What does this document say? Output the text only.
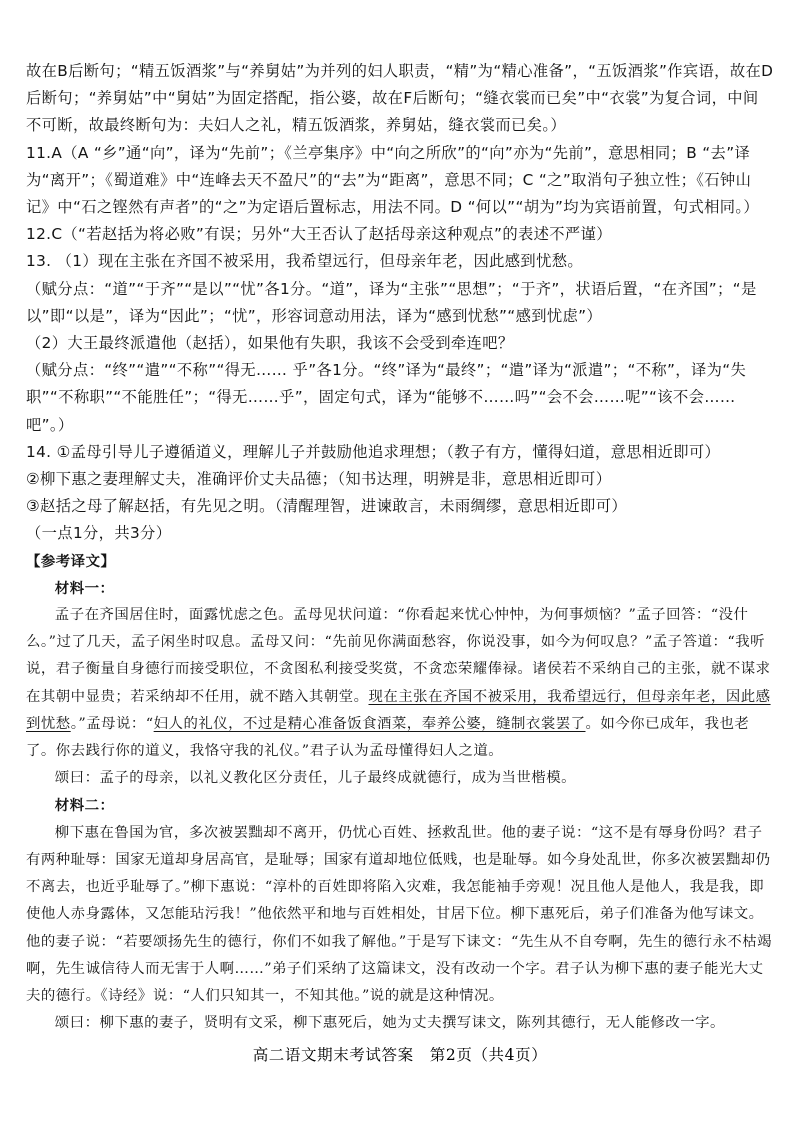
故在B后断句；“精五饭酒浆”与“养舅姑”为并列的妇人职责，“精”为“精心准备”，“五饭酒浆”作宾语，故在D后断句；“养舅姑”中“舅姑”为固定搭配，指公婆，故在F后断句；“缝衣裳而已矣”中“衣裳”为复合词，中间不可断，故最终断句为：夫妇人之礼，精五饭酒浆，养舅姑，缝衣裳而已矣。）

11.A（A “乡”通“向”，译为“先前”；《兰亭集序》中“向之所欣”的“向”亦为“先前”，意思相同；B “去”译为“离开”；《蜀道难》中“连峰去天不盈尺”的“去”为“距离”，意思不同；C “之”取消句子独立性；《石钟山记》中“石之铿然有声者”的“之”为定语后置标志，用法不同。D “何以”“胡为”均为宾语前置，句式相同。）

12.C（“若赵括为将必败”有误；另外“大王否认了赵括母亲这种观点”的表述不严谨）

13. （1）现在主张在齐国不被采用，我希望远行，但母亲年老，因此感到忧愁。

（赋分点：“道”“于齐”“是以”“忧”各1分。“道”，译为“主张”“思想”；“于齐”，状语后置，“在齐国”；“是以”即“以是”，译为“因此”；“忧”，形容词意动用法，译为“感到忧愁”“感到忧虑”）

（2）大王最终派遣他（赵括），如果他有失职，我该不会受到牵连吧？

（赋分点：“终”“遣”“不称”“得无…… 乎”各1分。“终”译为“最终”；“遣”译为“派遣”；“不称”，译为“失职”“不称职”“不能胜任”；“得无……乎”，固定句式，译为“能够不……吗”“会不会……呢”“该不会……吧”。）

14. ①孟母引导儿子遵循道义，理解儿子并鼓励他追求理想；（教子有方，懂得妇道，意思相近即可）

②柳下惠之妻理解丈夫，准确评价丈夫品德；（知书达理，明辨是非，意思相近即可）

③赵括之母了解赵括，有先见之明。（清醒理智，进谏敢言，未雨绸缪，意思相近即可）

（一点1分，共3分）

【参考译文】

材料一：

孟子在齐国居住时，面露忧虑之色。孟母见状问道：“你看起来忧心忡忡，为何事烦恼？”孟子回答：“没什么。”过了几天，孟子闲坐时叹息。孟母又问：“先前见你满面愁容，你说没事，如今为何叹息？”孟子答道：“我听说，君子衡量自身德行而接受职位，不贪图私利接受奖赏，不贪恋荣耀俸禄。诸侯若不采纳自己的主张，就不谋求在其朝中显贵；若采纳却不任用，就不踏入其朝堂。现在主张在齐国不被采用，我希望远行，但母亲年老，因此感到忧愁。”孟母说：“妇人的礼仪，不过是精心准备饭食酒菜，奉养公婆，缝制衣裳罢了。如今你已成年，我也老了。你去践行你的道义，我恪守我的礼仪。”君子认为孟母懂得妇人之道。

颂曰：孟子的母亲，以礼义教化区分责任，儿子最终成就德行，成为当世楷模。

材料二：

柳下惠在鲁国为官，多次被罢黜却不离开，仍忧心百姓、拯救乱世。他的妻子说：“这不是有辱身份吗？君子有两种耻辱：国家无道却身居高官，是耻辱；国家有道却地位低贱，也是耻辱。如今身处乱世，你多次被罢黜却仍不离去，也近乎耻辱了。”柳下惠说：“淳朴的百姓即将陷入灾难，我怎能袖手旁观！况且他人是他人，我是我，即使他人赤身露体，又怎能玷污我！”他依然平和地与百姓相处，甘居下位。柳下惠死后，弟子们准备为他写诔文。他的妻子说：“若要颂扬先生的德行，你们不如我了解他。”于是写下诔文：“先生从不自夸啊，先生的德行永不枯竭啊，先生诚信待人而无害于人啊……”弟子们采纳了这篇诔文，没有改动一个字。君子认为柳下惠的妻子能光大丈夫的德行。《诗经》说：“人们只知其一，不知其他。”说的就是这种情况。

颂曰：柳下惠的妻子，贤明有文采，柳下惠死后，她为丈夫撰写诔文，陈列其德行，无人能修改一字。

高二语文期末考试答案　第2页（共4页）
